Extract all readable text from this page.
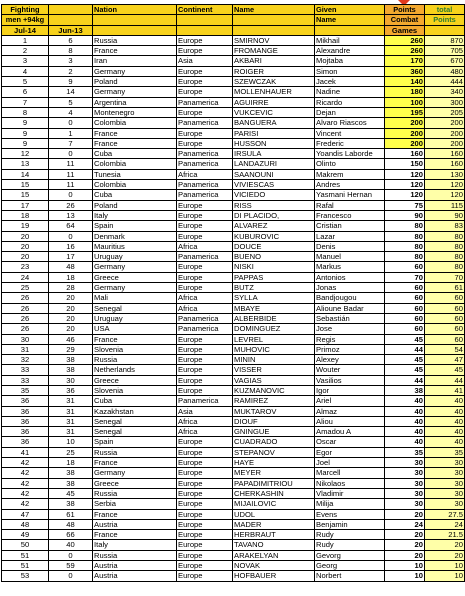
Fighting		Nation	Continent	Name	Given	Points	total
men +94kg					Name	Combat	Points
Jul-14	Jun-13					Games	
1	6	Russia	Europe	SMIRNOV	Mikhail	260	870
2	8	France	Europe	FROMANGE	Alexandre	260	705
3	3	Iran	Asia	AKBARI	Mojtaba	170	670
4	2	Germany	Europe	ROIGER	Simon	360	480
5	9	Poland	Europe	SZEWCZAK	Jacek	140	444
6	14	Germany	Europe	MOLLENHAUER	Nadine	180	340
7	5	Argentina	Panamerica	AGUIRRE	Ricardo	100	300
8	4	Montenegro	Europe	VUKCEVIC	Dejan	195	205
9	0	Colombia	Panamerica	BANGUERA	Alvaro Riascos	200	200
9	1	France	Europe	PARISI	Vincent	200	200
9	7	France	Europe	HUSSON	Frederic	200	200
12	0	Cuba	Panamerica	IRSULA	Yoandis Laborde	160	160
13	11	Colombia	Panamerica	LANDAZURI	Olinto	150	160
14	11	Tunesia	Africa	SAANOUNI	Makrem	120	130
15	11	Colombia	Panamerica	VIVIESCAS	Andres	120	120
15	0	Cuba	Panamerica	VICIEDO	Yasmani Hernan	120	120
17	26	Poland	Europe	RISS	Rafal	75	115
18	13	Italy	Europe	DI PLACIDO,	Francesco	90	90
19	64	Spain	Europe	ALVAREZ	Cristian	80	83
20	0	Denmark	Europe	KUBUROVIC	Lazar	80	80
20	16	Mauritius	Africa	DOUCE	Denis	80	80
20	17	Uruguay	Panamerica	BUENO	Manuel	80	80
23	48	Germany	Europe	NISKI	Markus	60	80
24	18	Greece	Europe	PAPPAS	Antonios	70	70
25	28	Germany	Europe	BUTZ	Jonas	60	61
26	20	Mali	Africa	SYLLA	Bandjougou	60	60
26	20	Senegal	Africa	MBAYE	Alioune Badar	60	60
26	20	Uruguay	Panamerica	ALBERBIDE	Sebastián	60	60
26	20	USA	Panamerica	DOMINGUEZ	Jose	60	60
30	46	France	Europe	LEVREL	Regis	45	60
31	29	Slovenia	Europe	MUHOVIC	Primoz	44	54
32	38	Russia	Europe	MININ	Alexey	45	47
33	38	Netherlands	Europe	VISSER	Wouter	45	45
33	30	Greece	Europe	VAGIAS	Vasilios	44	44
35	36	Slovenia	Europe	KUZMANOVIC	Igor	38	41
36	31	Cuba	Panamerica	RAMIREZ	Ariel	40	40
36	31	Kazakhstan	Asia	MUKTAROV	Almaz	40	40
36	31	Senegal	Africa	DIOUF	Aliou	40	40
36	31	Senegal	Africa	GNINGUE	Amadou A	40	40
36	10	Spain	Europe	CUADRADO	Oscar	40	40
41	25	Russia	Europe	STEPANOV	Egor	35	35
42	18	France	Europe	HAYE	Joel	30	30
42	38	Germany	Europe	MEYER	Marcell	30	30
42	38	Greece	Europe	PAPADIMITRIOU	Nikolaos	30	30
42	45	Russia	Europe	CHERKASHIN	Vladimir	30	30
42	38	Serbia	Europe	MIJAILOVIC	Milija	30	30
47	61	France	Europe	UDOL	Evens	20	27.5
48	48	Austria	Europe	MADER	Benjamin	24	24
49	66	France	Europe	HERBRAUT	Rudy	20	21.5
50	40	Italy	Europe	TAVANO	Rudy	20	20
51	0	Russia	Europe	ARAKELYAN	Gevorg	20	20
51	59	Austria	Europe	NOVAK	Georg	10	10
53	0	Austria	Europe	HOFBAUER	Norbert	10	10
